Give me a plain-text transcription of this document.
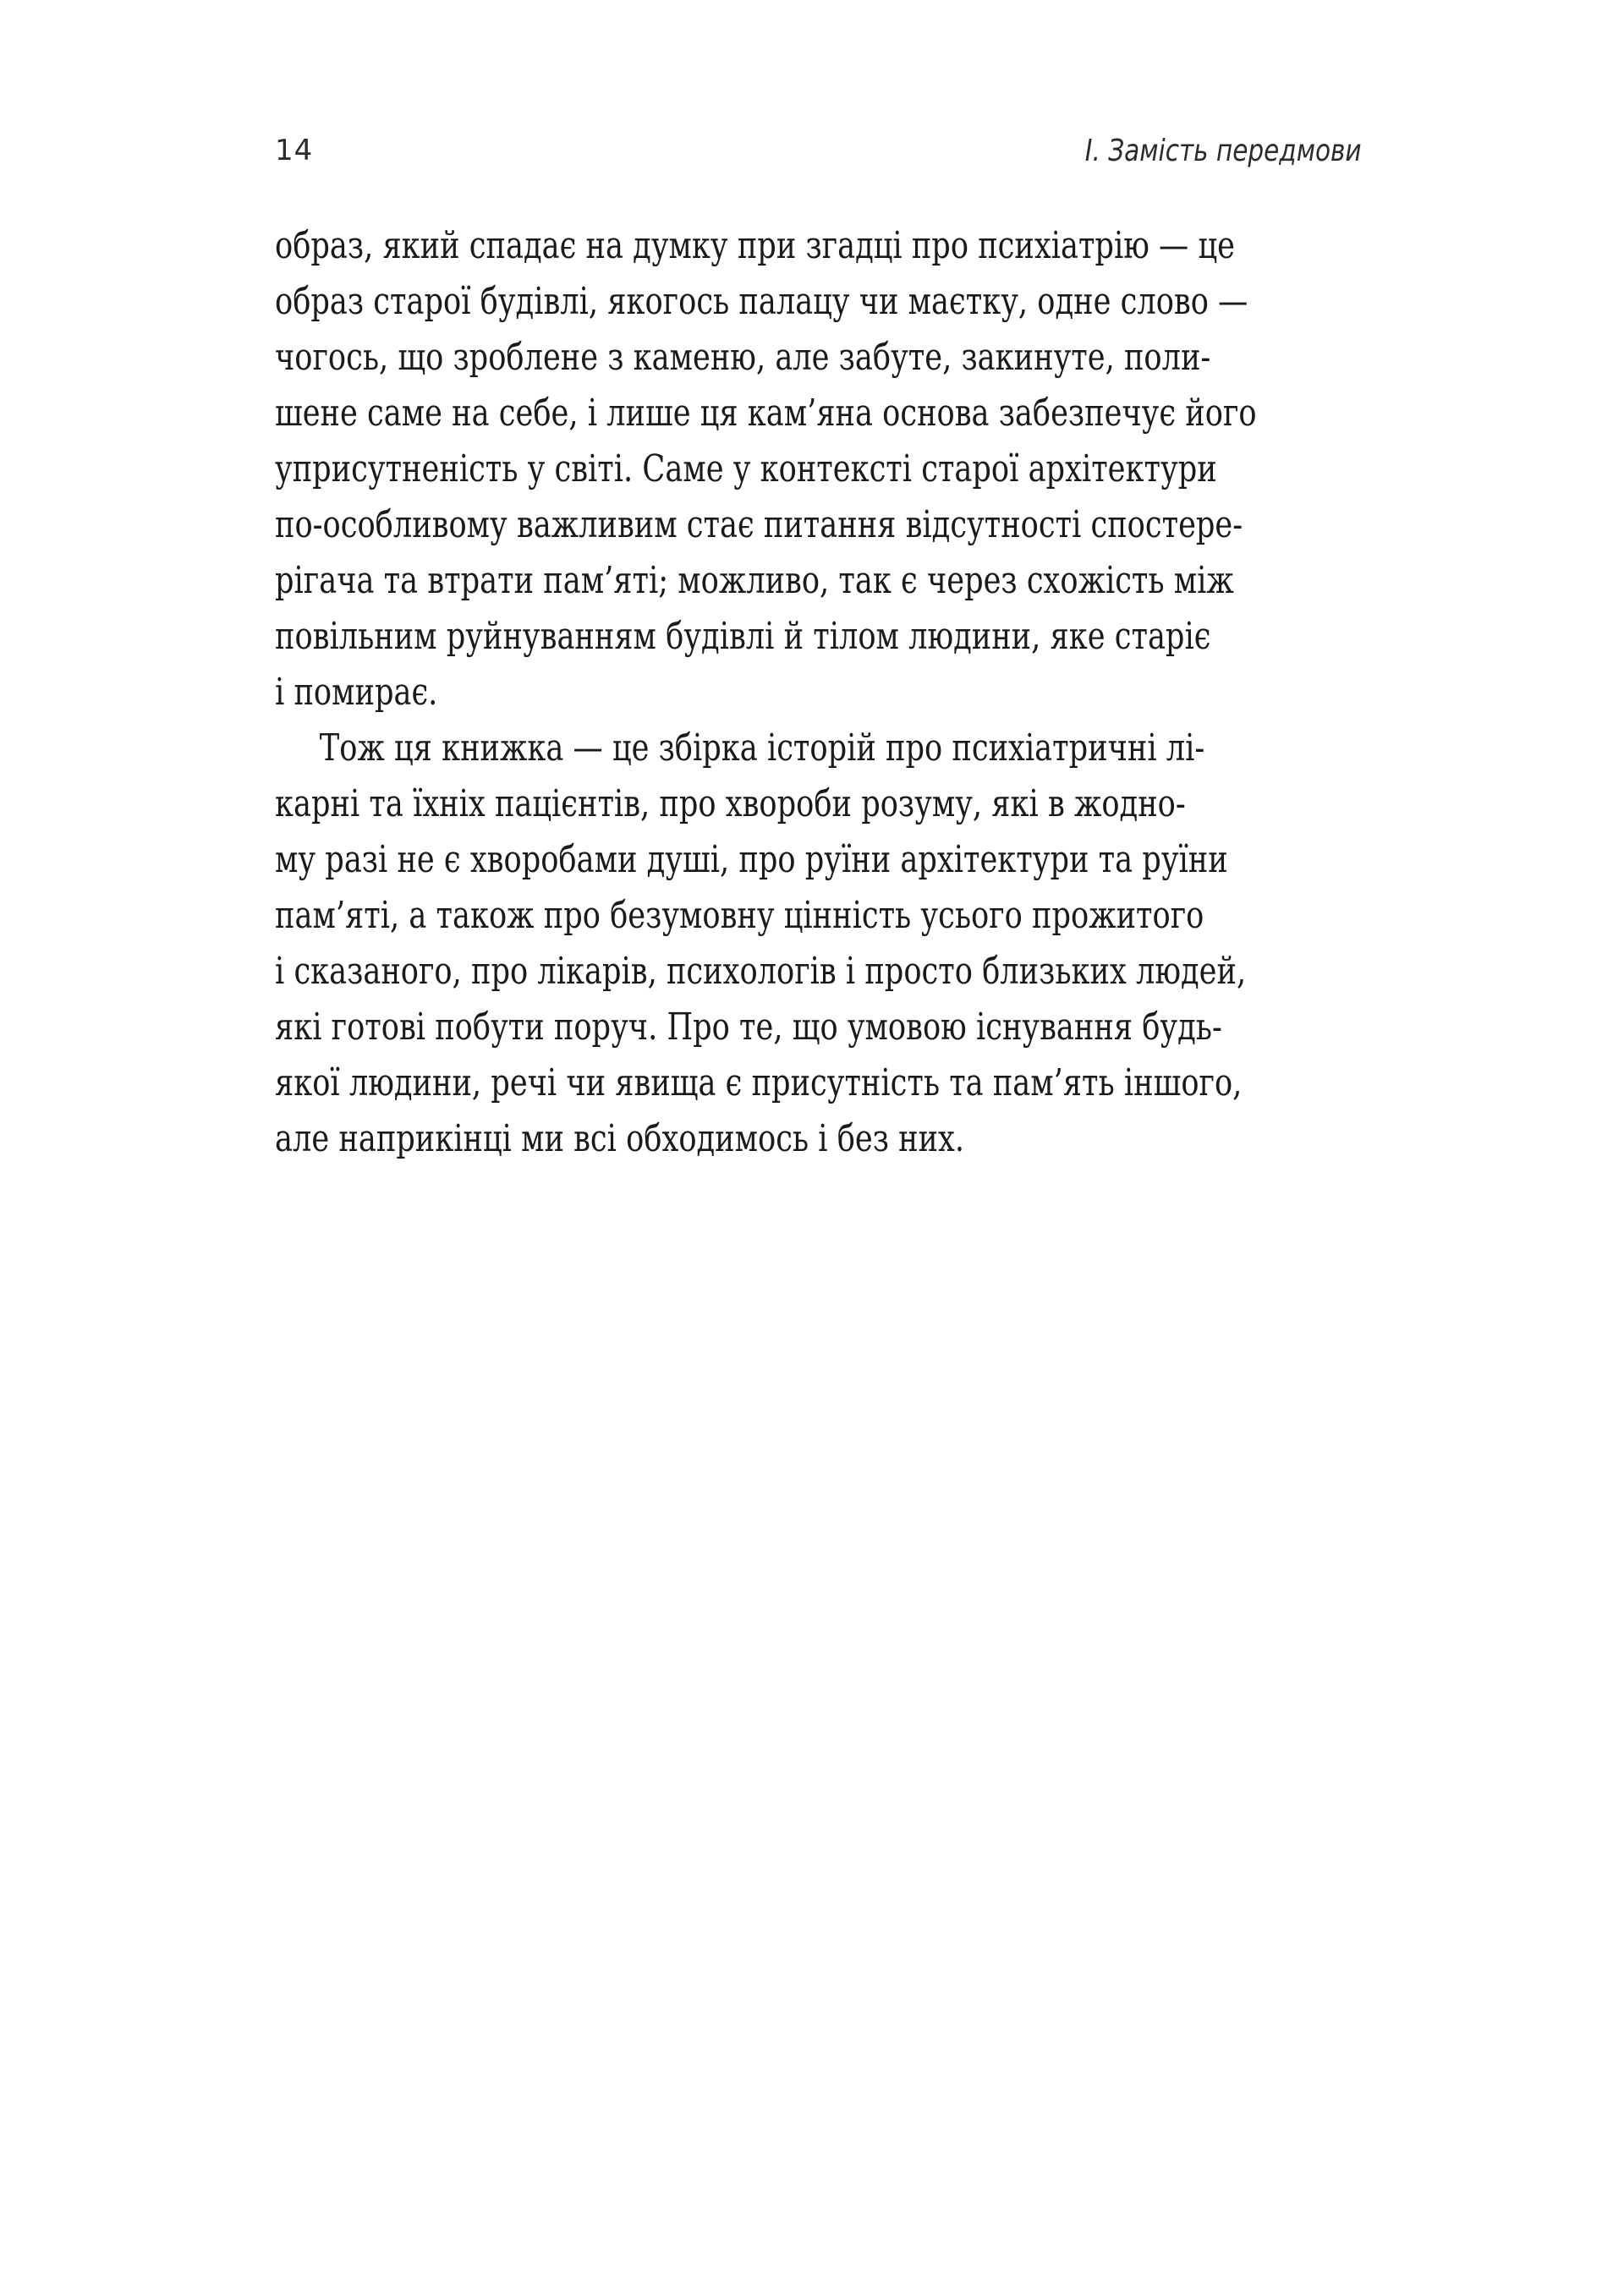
14	І. Замість передмови
образ, який спадає на думку при згадці про психіатрію — це
образ старої будівлі, якогось палацу чи маєтку, одне слово —
чогось, що зроблене з каменю, але забуте, закинуте, поли-
шене саме на себе, і лише ця кам’яна основа забезпечує його
уприсутненість у світі. Саме у контексті старої архітектури
по-особливому важливим стає питання відсутності спостере-
рігача та втрати пам’яті; можливо, так є через схожість між
повільним руйнуванням будівлі й тілом людини, яке старіє
і помирає.
Тож ця книжка — це збірка історій про психіатричні лі-
карні та їхніх пацієнтів, про хвороби розуму, які в жодно-
му разі не є хворобами душі, про руїни архітектури та руїни
пам’яті, а також про безумовну цінність усього прожитого
і сказаного, про лікарів, психологів і просто близьких людей,
які готові побути поруч. Про те, що умовою існування будь-
якої людини, речі чи явища є присутність та пам’ять іншого,
але наприкінці ми всі обходимось і без них.
